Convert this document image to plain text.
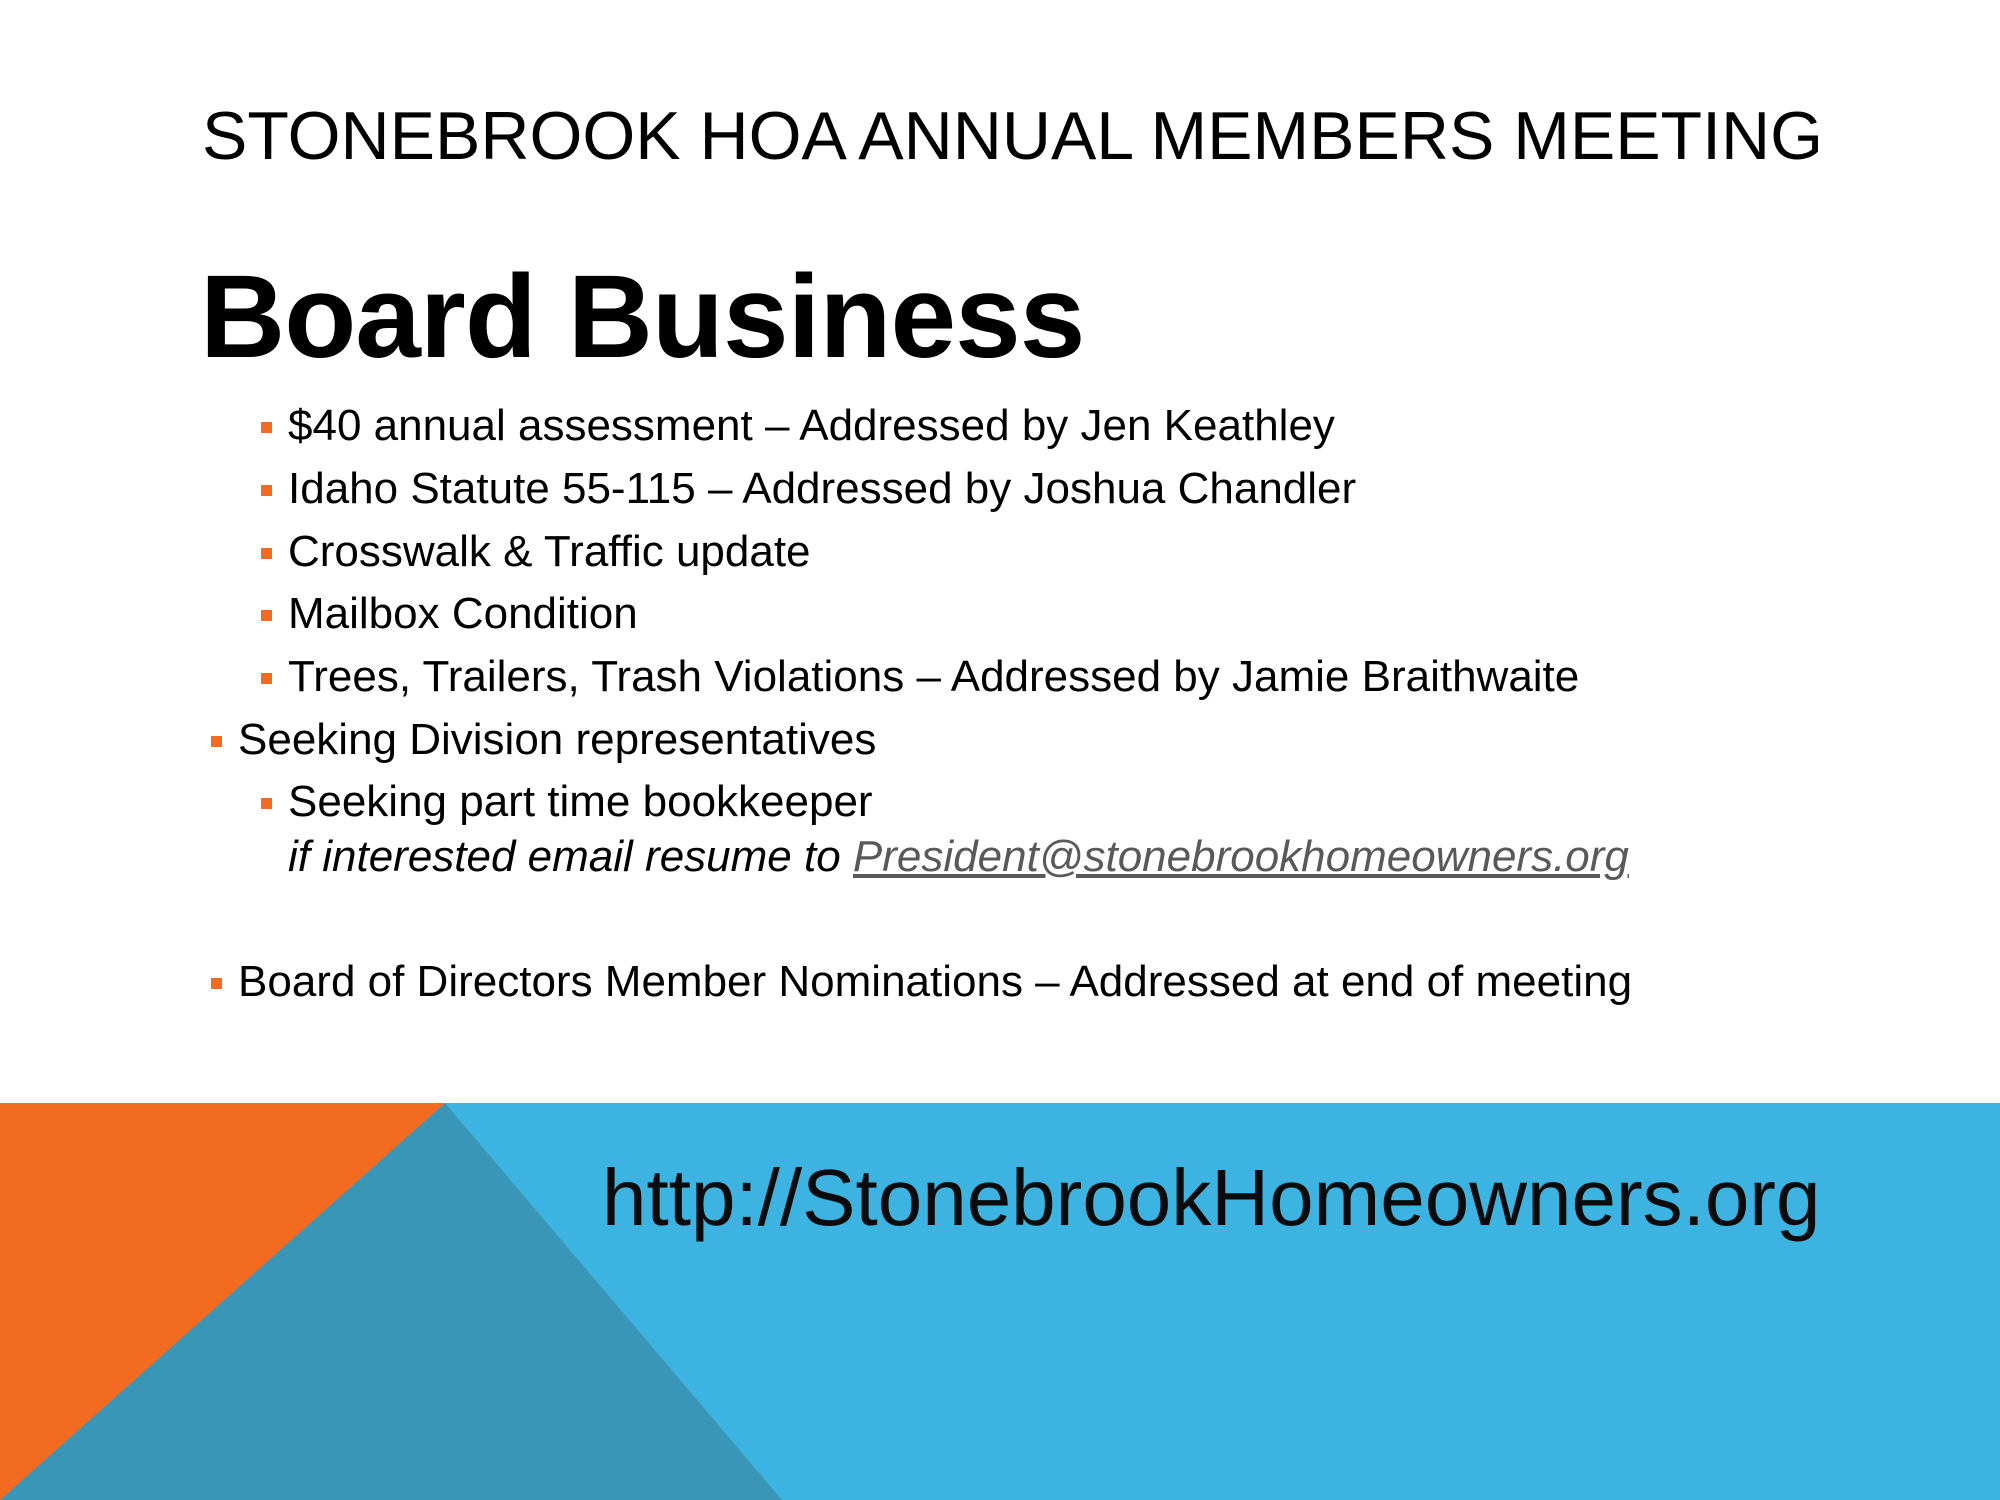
STONEBROOK HOA ANNUAL MEMBERS MEETING
Board Business
$40 annual assessment – Addressed by Jen Keathley
Idaho Statute 55-115 – Addressed by Joshua Chandler
Crosswalk & Traffic update
Mailbox Condition
Trees, Trailers, Trash Violations – Addressed by Jamie Braithwaite
Seeking Division representatives
Seeking part time bookkeeper
Board of Directors Member Nominations – Addressed at end of meeting
if interested email resume to President@stonebrookhomeowners.org
http://StonebrookHomeowners.org
